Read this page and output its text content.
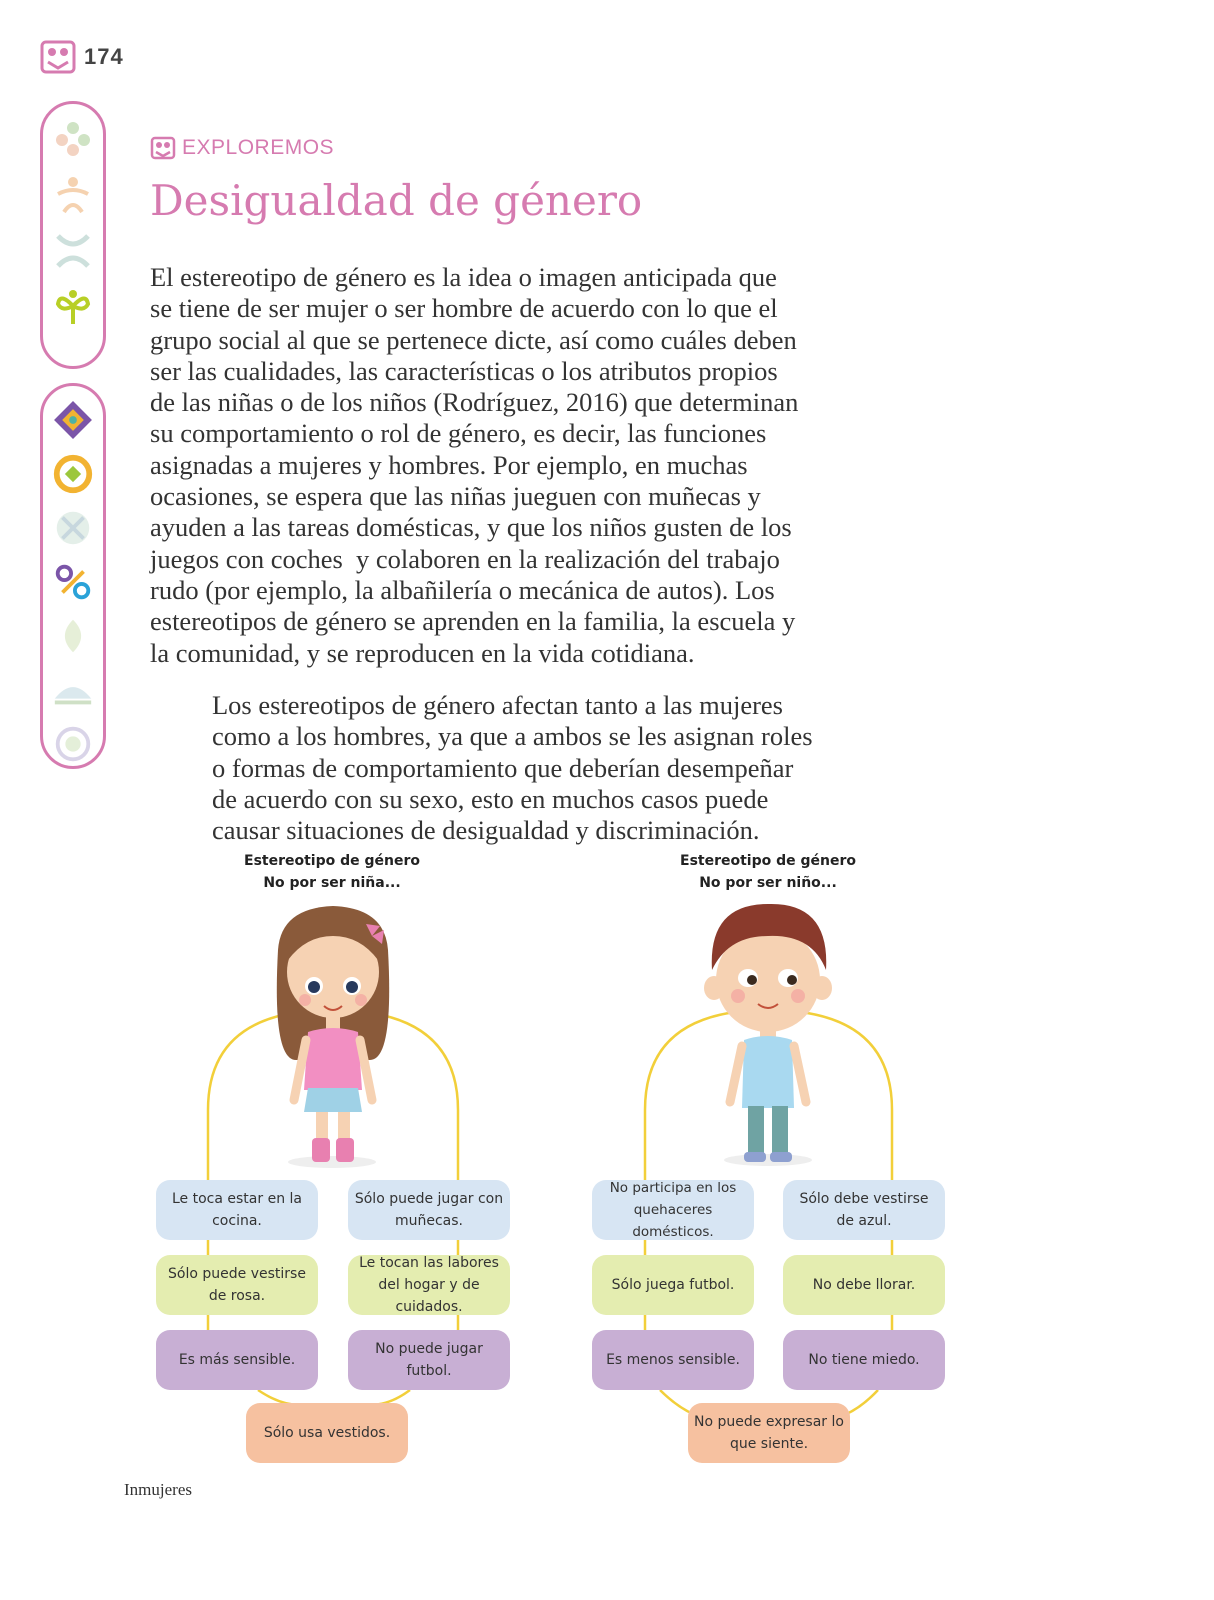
174
EXPLOREMOS
Desigualdad de género
El estereotipo de género es la idea o imagen anticipada que
se tiene de ser mujer o ser hombre de acuerdo con lo que el
grupo social al que se pertenece dicte, así como cuáles deben
ser las cualidades, las características o los atributos propios
de las niñas o de los niños (Rodríguez, 2016) que determinan
su comportamiento o rol de género, es decir, las funciones
asignadas a mujeres y hombres. Por ejemplo, en muchas
ocasiones, se espera que las niñas jueguen con muñecas y
ayuden a las tareas domésticas, y que los niños gusten de los
juegos con coches  y colaboren en la realización del trabajo
rudo (por ejemplo, la albañilería o mecánica de autos). Los
estereotipos de género se aprenden en la familia, la escuela y
la comunidad, y se reproducen en la vida cotidiana.
Los estereotipos de género afectan tanto a las mujeres
como a los hombres, ya que a ambos se les asignan roles
o formas de comportamiento que deberían desempeñar
de acuerdo con su sexo, esto en muchos casos puede
causar situaciones de desigualdad y discriminación.
Estereotipo de género
No por ser niña...
Le toca estar en la cocina.
Sólo puede jugar con muñecas.
Sólo puede vestirse de rosa.
Le tocan las labores del hogar y de cuidados.
Es más sensible.
No puede jugar futbol.
Sólo usa vestidos.
Estereotipo de género
No por ser niño...
No participa en los quehaceres domésticos.
Sólo debe vestirse de azul.
Sólo juega futbol.	No debe llorar.
Es menos sensible.	No tiene miedo.
No puede expresar lo que siente.
Inmujeres
